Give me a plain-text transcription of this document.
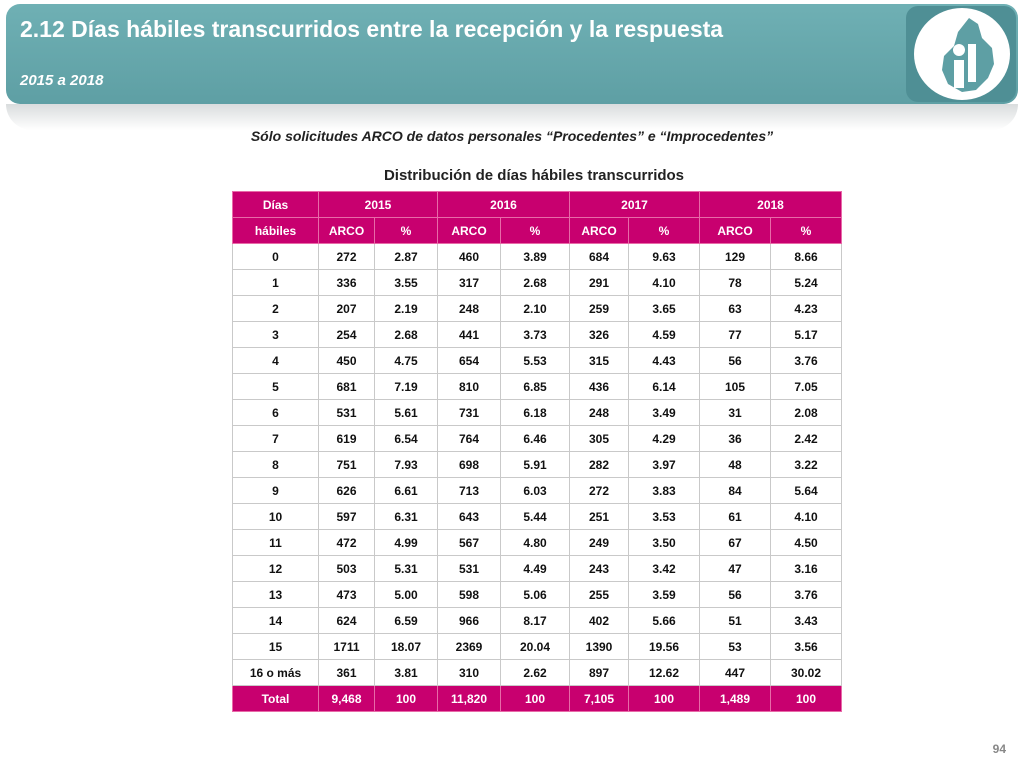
2.12 Días hábiles transcurridos entre la recepción y la respuesta
2015 a 2018
Sólo solicitudes ARCO de datos personales “Procedentes” e “Improcedentes”
Distribución de días hábiles transcurridos
Días	2015		2016		2017		2018	
hábiles	ARCO	%	ARCO	%	ARCO	%	ARCO	%
0	272	2.87	460	3.89	684	9.63	129	8.66
1	336	3.55	317	2.68	291	4.10	78	5.24
2	207	2.19	248	2.10	259	3.65	63	4.23
3	254	2.68	441	3.73	326	4.59	77	5.17
4	450	4.75	654	5.53	315	4.43	56	3.76
5	681	7.19	810	6.85	436	6.14	105	7.05
6	531	5.61	731	6.18	248	3.49	31	2.08
7	619	6.54	764	6.46	305	4.29	36	2.42
8	751	7.93	698	5.91	282	3.97	48	3.22
9	626	6.61	713	6.03	272	3.83	84	5.64
10	597	6.31	643	5.44	251	3.53	61	4.10
11	472	4.99	567	4.80	249	3.50	67	4.50
12	503	5.31	531	4.49	243	3.42	47	3.16
13	473	5.00	598	5.06	255	3.59	56	3.76
14	624	6.59	966	8.17	402	5.66	51	3.43
15	1711	18.07	2369	20.04	1390	19.56	53	3.56
16 o más	361	3.81	310	2.62	897	12.62	447	30.02
Total	9,468	100	11,820	100	7,105	100	1,489	100
94
